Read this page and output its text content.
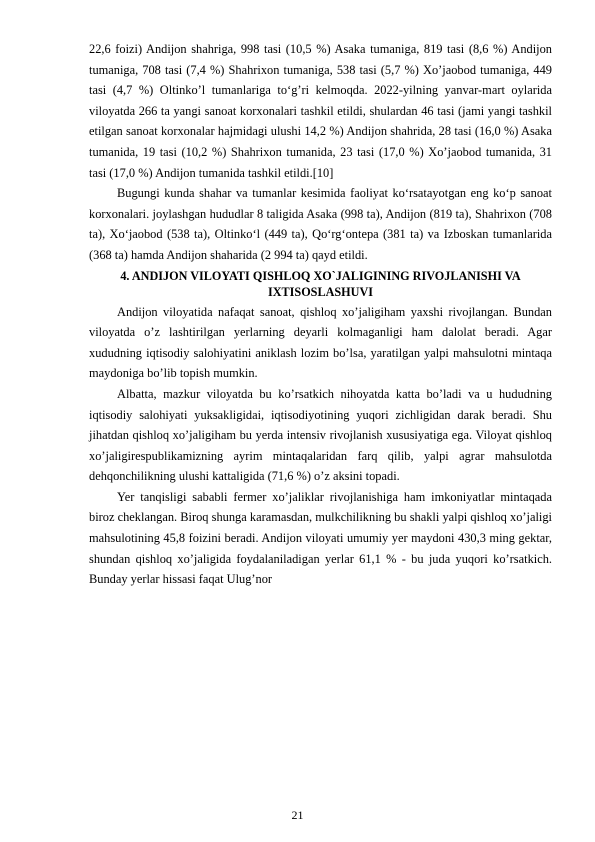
22,6 foizi) Andijon shahriga, 998 tasi (10,5 %) Asaka tumaniga, 819 tasi (8,6 %) Andijon tumaniga, 708 tasi (7,4 %) Shahrixon tumaniga, 538 tasi (5,7 %) Xo’jaobod tumaniga, 449 tasi (4,7 %) Oltinko’l tumanlariga to‘g’ri kelmoqda. 2022-yilning yanvar-mart oylarida viloyatda 266 ta yangi sanoat korxonalari tashkil etildi, shulardan 46 tasi (jami yangi tashkil etilgan sanoat korxonalar hajmidagi ulushi 14,2 %) Andijon shahrida, 28 tasi (16,0 %) Asaka tumanida, 19 tasi (10,2 %) Shahrixon tumanida, 23 tasi (17,0 %) Xo’jaobod tumanida, 31 tasi (17,0 %) Andijon tumanida tashkil etildi.[10]

Bugungi kunda shahar va tumanlar kesimida faoliyat ko‘rsatayotgan eng ko‘p sanoat korxonalari. joylashgan hududlar 8 taligida Asaka (998 ta), Andijon (819 ta), Shahrixon (708 ta), Xo‘jaobod (538 ta), Oltinko‘l (449 ta), Qo‘rg‘ontepa (381 ta) va Izboskan tumanlarida (368 ta) hamda Andijon shaharida (2 994 ta) qayd etildi.

4. ANDIJON VILOYATI QISHLOQ XO`JALIGINING RIVOJLANISHI VA IXTISOSLASHUVI

Andijon viloyatida nafaqat sanoat, qishloq xo’jaligiham yaxshi rivojlangan. Bundan viloyatda o’z lashtirilgan yerlarning deyarli kolmaganligi ham dalolat beradi. Agar xududning iqtisodiy salohiyatini aniklash lozim bo’lsa, yaratilgan yalpi mahsulotni mintaqa maydoniga bo’lib topish mumkin.

Albatta, mazkur viloyatda bu ko’rsatkich nihoyatda katta bo’ladi va u hududning iqtisodiy salohiyati yuksakligidai, iqtisodiyotining yuqori zichligidan darak beradi. Shu jihatdan qishloq xo’jaligiham bu yerda intensiv rivojlanish xususiyatiga ega. Viloyat qishloq xo’jaligirespublikamizning ayrim mintaqalaridan farq qilib, yalpi agrar mahsulotda dehqonchilikning ulushi kattaligida (71,6 %) o’z aksini topadi.

Yer tanqisligi sababli fermer xo’jaliklar rivojlanishiga ham imkoniyatlar mintaqada biroz cheklangan. Biroq shunga karamasdan, mulkchilikning bu shakli yalpi qishloq xo’jaligi mahsulotining 45,8 foizini beradi. Andijon viloyati umumiy yer maydoni 430,3 ming gektar, shundan qishloq xo’jaligida foydalaniladigan yerlar 61,1 % - bu juda yuqori ko’rsatkich. Bunday yerlar hissasi faqat Ulug’nor

21
